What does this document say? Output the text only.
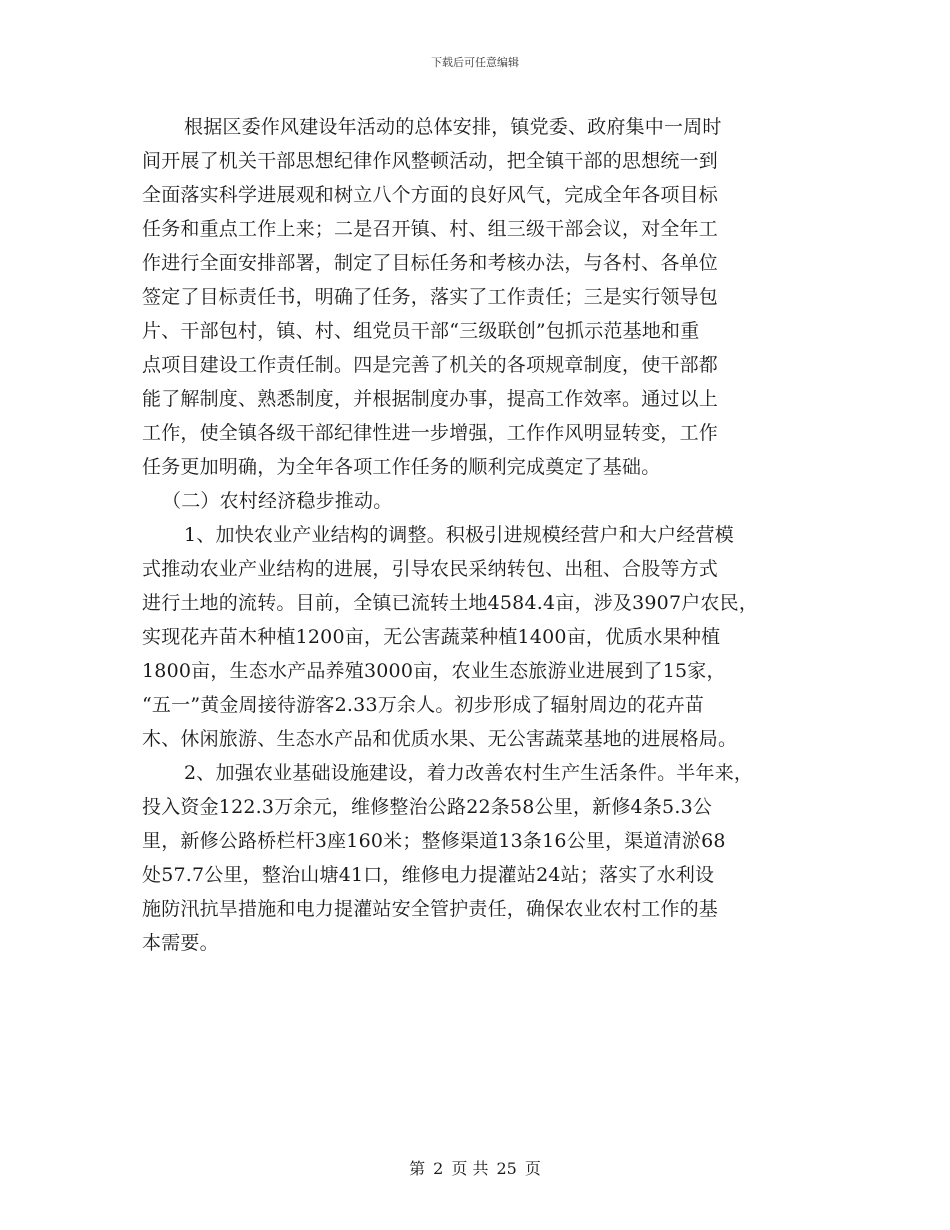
下载后可任意编辑
根据区委作风建设年活动的总体安排，镇党委、政府集中一周时
间开展了机关干部思想纪律作风整顿活动，把全镇干部的思想统一到
全面落实科学进展观和树立八个方面的良好风气，完成全年各项目标
任务和重点工作上来；二是召开镇、村、组三级干部会议，对全年工
作进行全面安排部署，制定了目标任务和考核办法，与各村、各单位
签定了目标责任书，明确了任务，落实了工作责任；三是实行领导包
片、干部包村，镇、村、组党员干部“三级联创”包抓示范基地和重
点项目建设工作责任制。四是完善了机关的各项规章制度，使干部都
能了解制度、熟悉制度，并根据制度办事，提高工作效率。通过以上
工作，使全镇各级干部纪律性进一步增强，工作作风明显转变，工作
任务更加明确，为全年各项工作任务的顺利完成奠定了基础。
（二）农村经济稳步推动。
1、加快农业产业结构的调整。积极引进规模经营户和大户经营模
式推动农业产业结构的进展，引导农民采纳转包、出租、合股等方式
进行土地的流转。目前，全镇已流转土地4584.4亩，涉及3907户农民，
实现花卉苗木种植1200亩，无公害蔬菜种植1400亩，优质水果种植
1800亩，生态水产品养殖3000亩，农业生态旅游业进展到了15家，
“五一”黄金周接待游客2.33万余人。初步形成了辐射周边的花卉苗
木、休闲旅游、生态水产品和优质水果、无公害蔬菜基地的进展格局。
2、加强农业基础设施建设，着力改善农村生产生活条件。半年来，
投入资金122.3万余元，维修整治公路22条58公里，新修4条5.3公
里，新修公路桥栏杆3座160米；整修渠道13条16公里，渠道清淤68
处57.7公里，整治山塘41口，维修电力提灌站24站；落实了水利设
施防汛抗旱措施和电力提灌站安全管护责任，确保农业农村工作的基
本需要。
第 2 页 共 25 页
